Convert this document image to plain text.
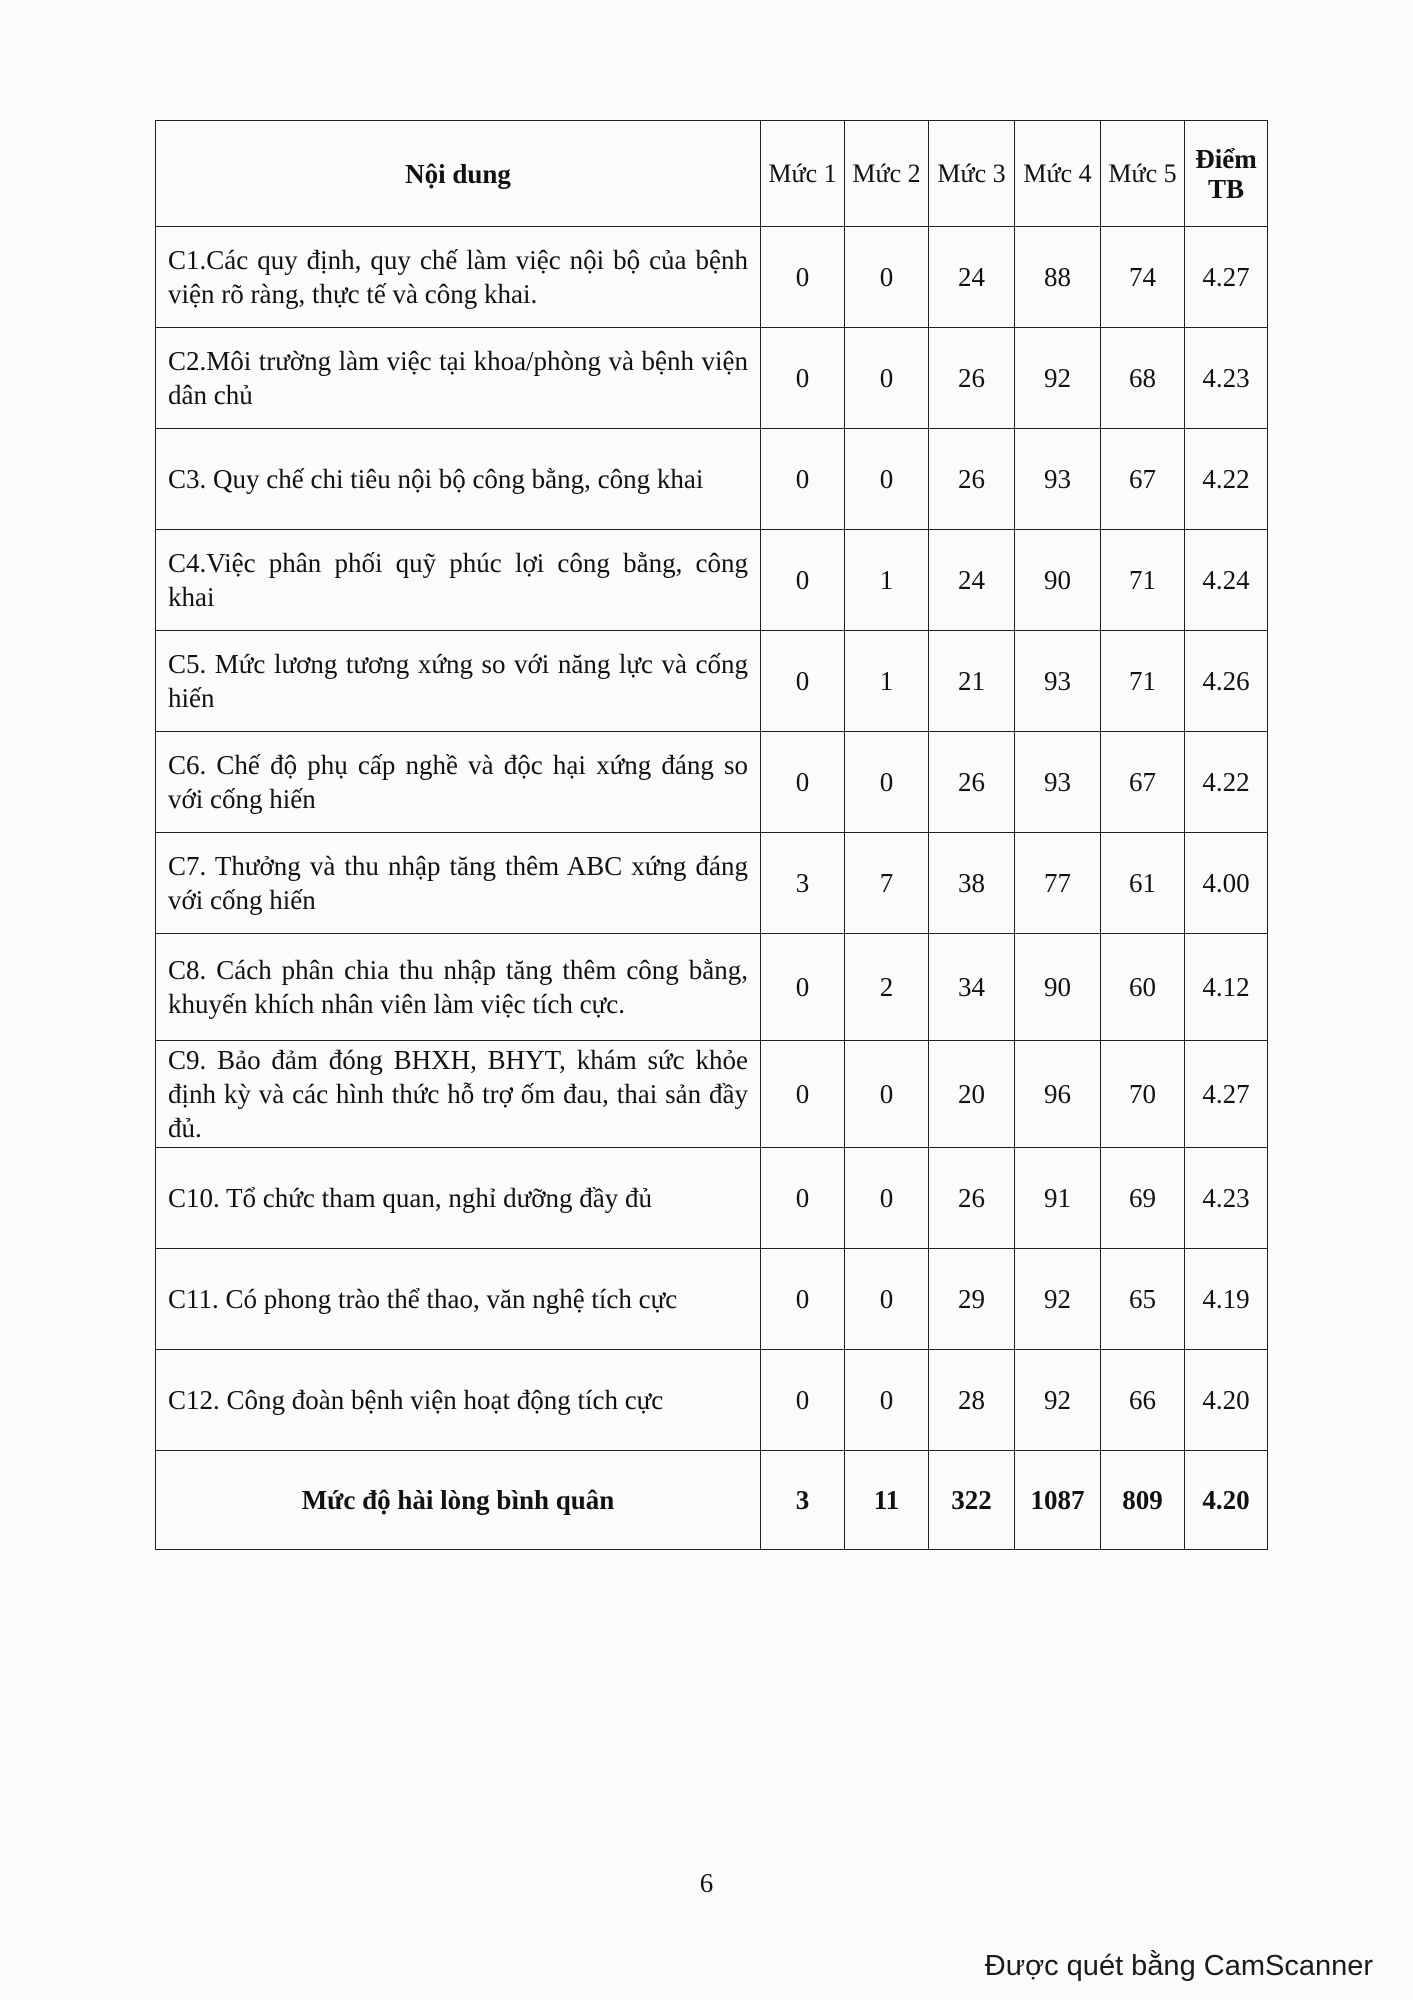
Nội dung	Mức 1	Mức 2	Mức 3	Mức 4	Mức 5	Điểm TB
C1.Các quy định, quy chế làm việc nội bộ của bệnh viện rõ ràng, thực tế và công khai.	0	0	24	88	74	4.27
C2.Môi trường làm việc tại khoa/phòng và bệnh viện dân chủ	0	0	26	92	68	4.23
C3. Quy chế chi tiêu nội bộ công bằng, công khai	0	0	26	93	67	4.22
C4.Việc phân phối quỹ phúc lợi công bằng, công khai	0	1	24	90	71	4.24
C5. Mức lương tương xứng so với năng lực và cống hiến	0	1	21	93	71	4.26
C6. Chế độ phụ cấp nghề và độc hại xứng đáng so với cống hiến	0	0	26	93	67	4.22
C7. Thưởng và thu nhập tăng thêm ABC xứng đáng với cống hiến	3	7	38	77	61	4.00
C8. Cách phân chia thu nhập tăng thêm công bằng, khuyến khích nhân viên làm việc tích cực.	0	2	34	90	60	4.12
C9. Bảo đảm đóng BHXH, BHYT, khám sức khỏe định kỳ và các hình thức hỗ trợ ốm đau, thai sản đầy đủ.	0	0	20	96	70	4.27
C10. Tổ chức tham quan, nghỉ dưỡng đầy đủ	0	0	26	91	69	4.23
C11. Có phong trào thể thao, văn nghệ tích cực	0	0	29	92	65	4.19
C12. Công đoàn bệnh viện hoạt động tích cực	0	0	28	92	66	4.20
Mức độ hài lòng bình quân	3	11	322	1087	809	4.20
6
Được quét bằng CamScanner
